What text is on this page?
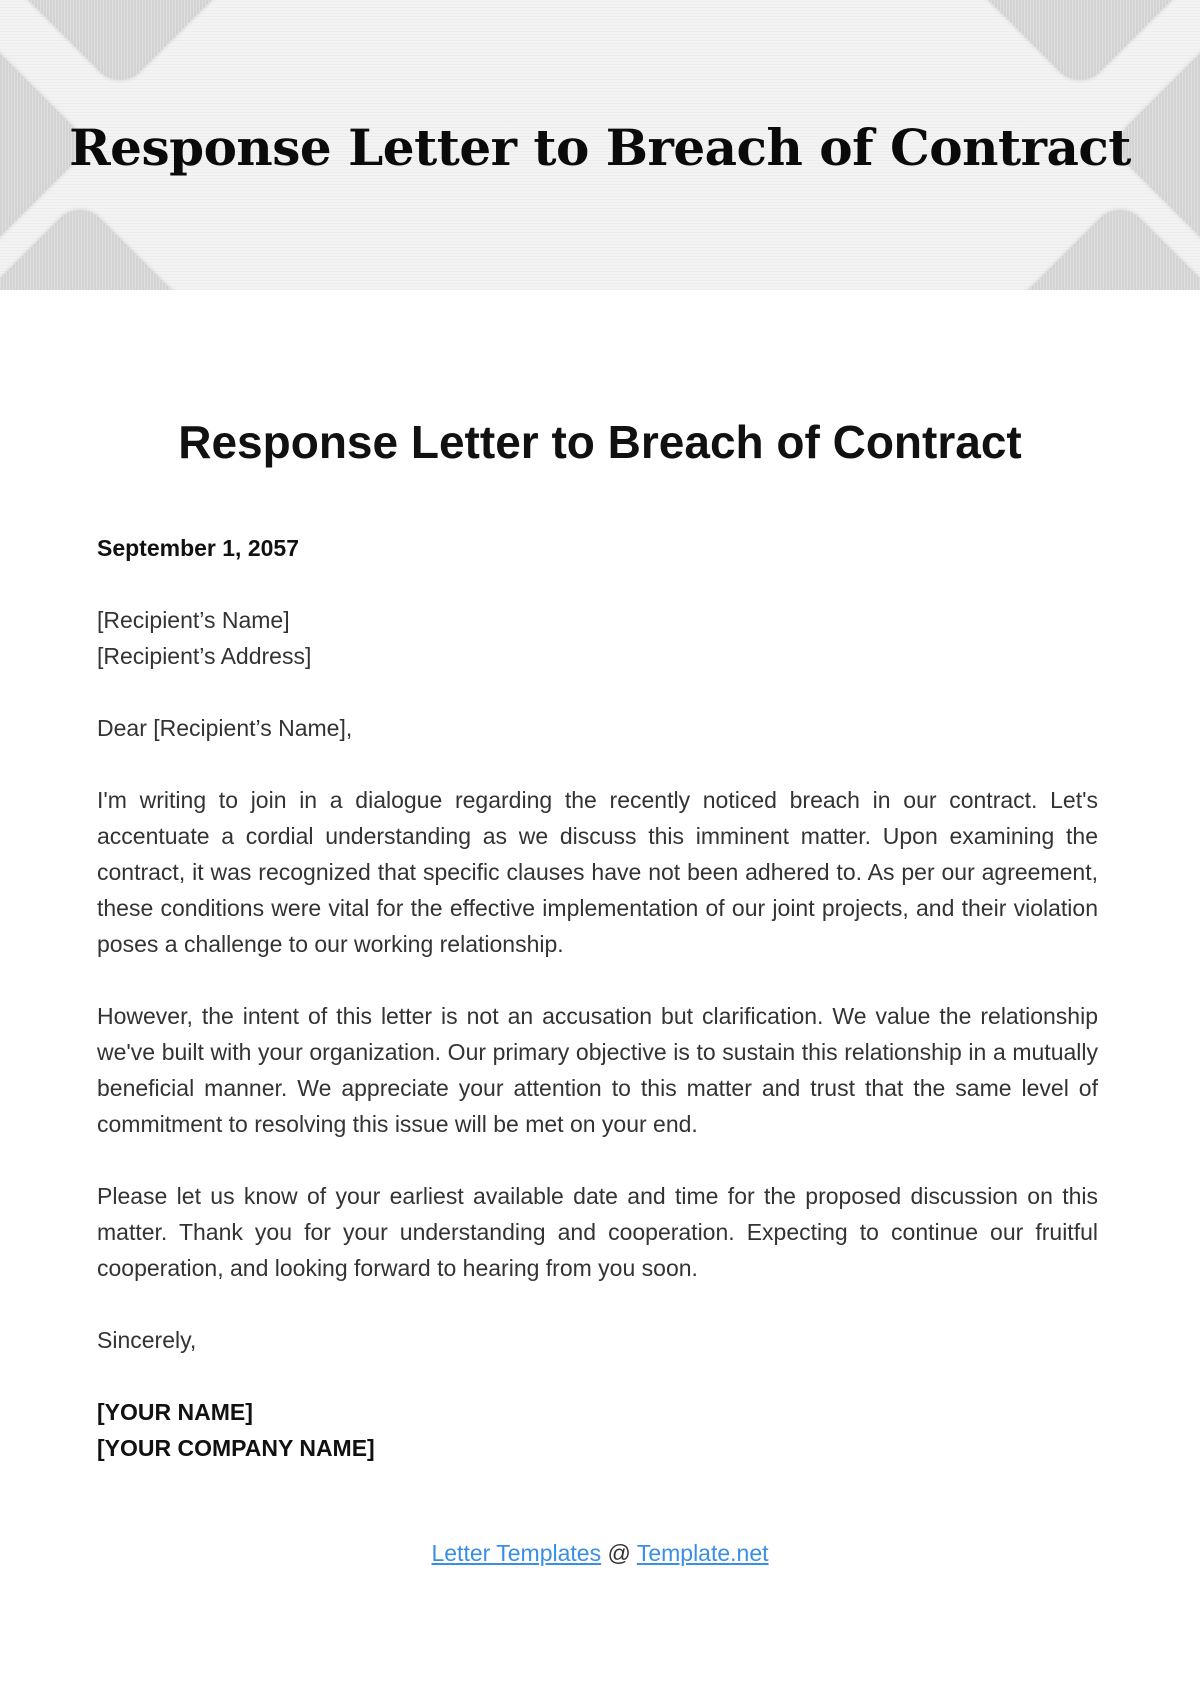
Response Letter to Breach of Contract
Response Letter to Breach of Contract

September 1, 2057

[Recipient’s Name]
[Recipient’s Address]

Dear [Recipient’s Name],

I'm writing to join in a dialogue regarding the recently noticed breach in our contract. Let's accentuate a cordial understanding as we discuss this imminent matter. Upon examining the contract, it was recognized that specific clauses have not been adhered to. As per our agreement, these conditions were vital for the effective implementation of our joint projects, and their violation poses a challenge to our working relationship.

However, the intent of this letter is not an accusation but clarification. We value the relationship we've built with your organization. Our primary objective is to sustain this relationship in a mutually beneficial manner. We appreciate your attention to this matter and trust that the same level of commitment to resolving this issue will be met on your end.

Please let us know of your earliest available date and time for the proposed discussion on this matter. Thank you for your understanding and cooperation. Expecting to continue our fruitful cooperation, and looking forward to hearing from you soon.

Sincerely,

[YOUR NAME]
[YOUR COMPANY NAME]

Letter Templates @ Template.net
